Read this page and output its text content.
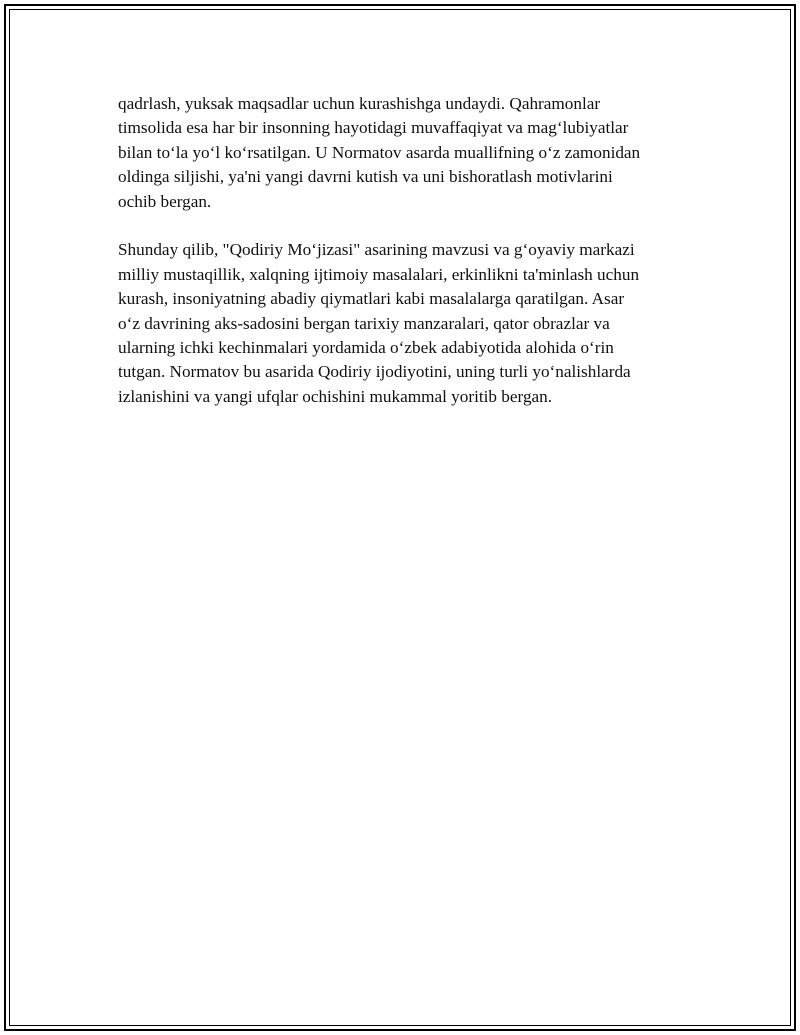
qadrlash, yuksak maqsadlar uchun kurashishga undaydi. Qahramonlar
timsolida esa har bir insonning hayotidagi muvaffaqiyat va mag‘lubiyatlar
bilan to‘la yo‘l ko‘rsatilgan. U Normatov asarda muallifning o‘z zamonidan
oldinga siljishi, ya'ni yangi davrni kutish va uni bishoratlash motivlarini
ochib bergan.

Shunday qilib, "Qodiriy Mo‘jizasi" asarining mavzusi va g‘oyaviy markazi
milliy mustaqillik, xalqning ijtimoiy masalalari, erkinlikni ta'minlash uchun
kurash, insoniyatning abadiy qiymatlari kabi masalalarga qaratilgan. Asar
o‘z davrining aks-sadosini bergan tarixiy manzaralari, qator obrazlar va
ularning ichki kechinmalari yordamida o‘zbek adabiyotida alohida o‘rin
tutgan. Normatov bu asarida Qodiriy ijodiyotini, uning turli yo‘nalishlarda
izlanishini va yangi ufqlar ochishini mukammal yoritib bergan.
